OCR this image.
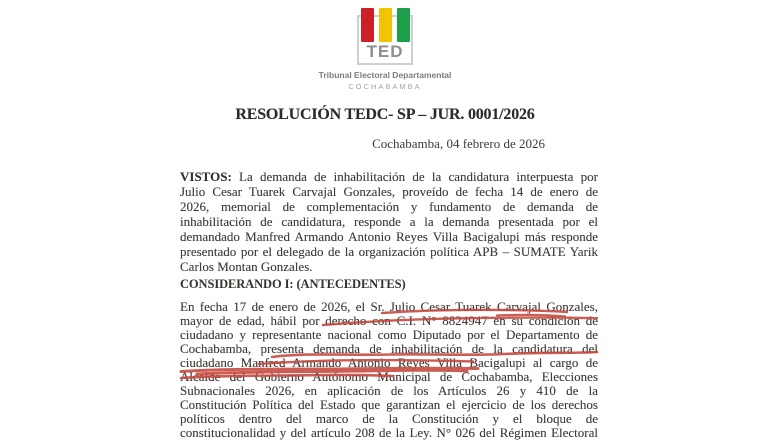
TED
Tribunal Electoral Departamental
COCHABAMBA
RESOLUCIÓN TEDC- SP – JUR. 0001/2026
Cochabamba, 04 febrero de 2026
VISTOS: La demanda de inhabilitación de la candidatura interpuesta por
Julio Cesar Tuarek Carvajal Gonzales, proveído de fecha 14 de enero de
2026, memorial de complementación y fundamento de demanda de
inhabilitación de candidatura, responde a la demanda presentada por el
demandado Manfred Armando Antonio Reyes Villa Bacigalupi más responde
presentado por el delegado de la organización política APB – SUMATE Yarik
Carlos Montan Gonzales.
CONSIDERANDO I: (ANTECEDENTES)
En fecha 17 de enero de 2026, el Sr. Julio Cesar Tuarek Carvajal Gonzales,
mayor de edad, hábil por derecho con C.I. N° 8824947 en su condición de
ciudadano y representante nacional como Diputado por el Departamento de
Cochabamba, presenta demanda de inhabilitación de la candidatura del
ciudadano Manfred Armando Antonio Reyes Villa Bacigalupi al cargo de
Alcalde del Gobierno Autónomo Municipal de Cochabamba, Elecciones
Subnacionales 2026, en aplicación de los Artículos 26 y 410 de la
Constitución Política del Estado que garantizan el ejercicio de los derechos
políticos dentro del marco de la Constitución y el bloque de
constitucionalidad y del artículo 208 de la Ley. N° 026 del Régimen Electoral
